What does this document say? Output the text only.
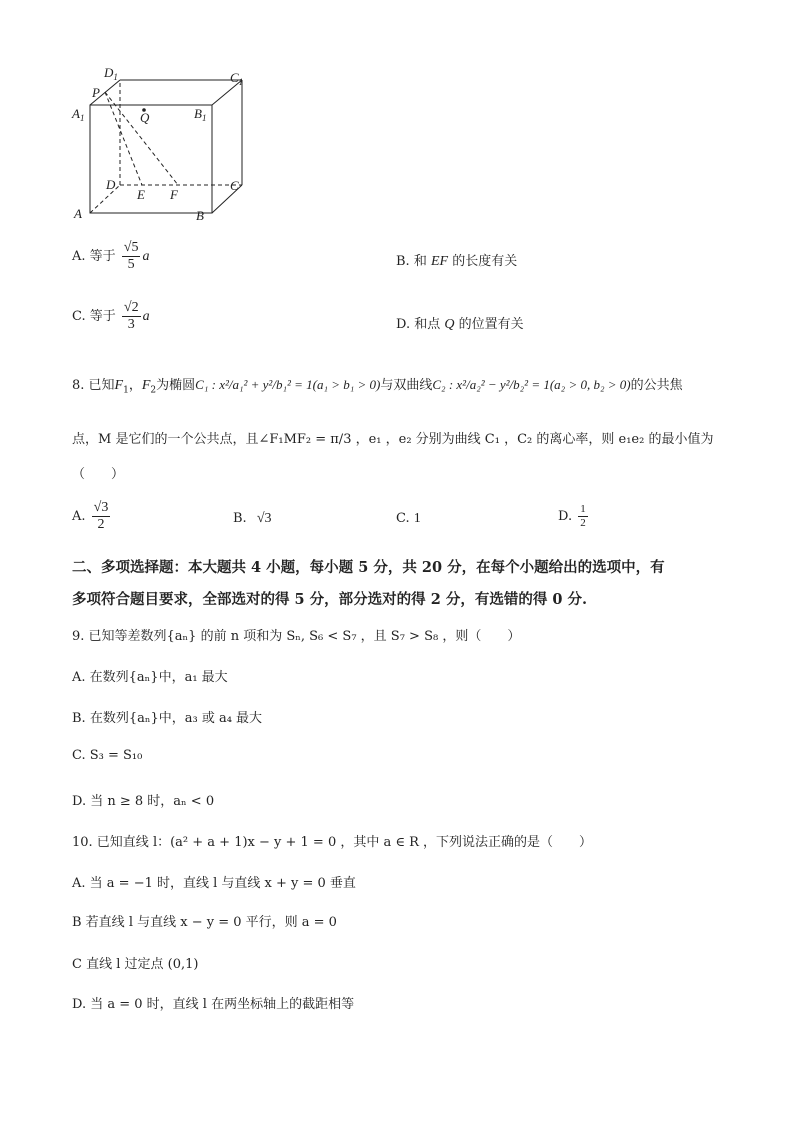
$D_1$	$C_1$
P
$A_1$	Q	$B_1$
D	C
E F
A	B
A. 等于 $\frac{√5}{5}$ a	B. 和 EF 的长度有关
C. 等于 $\frac{√2}{3}$ a
D. 和点 Q 的位置有关
8. 已知$F_1$，$F_2$为椭圆C₁ : x²/a₁² + y²/b₁² = 1(a₁ > b₁ > 0)与双曲线C₂ : x²/a₂² − y²/b₂² = 1(a₂ > 0, b₂ > 0)的公共焦
点，M 是它们的一个公共点，且∠F₁MF₂ = π/3 ，e₁ ，e₂ 分别为曲线 C₁ ，C₂ 的离心率，则 e₁e₂ 的最小值为
（　　）
A. $\frac{√3}{2}$	B. √3	C. 1	D. $\frac{1}{2}$
二、多项选择题：本大题共 4 小题，每小题 5 分，共 20 分，在每个小题给出的选项中，有
多项符合题目要求，全部选对的得 5 分，部分选对的得 2 分，有选错的得 0 分.
9. 已知等差数列{aₙ} 的前 n 项和为 Sₙ, S₆ < S₇ ，且 S₇ > S₈ ，则（　　）
A. 在数列{aₙ}中，a₁ 最大
B. 在数列{aₙ}中，a₃ 或 a₄ 最大
C. S₃ = S₁₀
D. 当 n ≥ 8 时，aₙ < 0
10. 已知直线 l：(a² + a + 1)x − y + 1 = 0 ，其中 a ∈ R ，下列说法正确的是（　　）
A. 当 a = −1 时，直线 l 与直线 x + y = 0 垂直
B 若直线 l 与直线 x − y = 0 平行，则 a = 0
C 直线 l 过定点 (0,1)
D. 当 a = 0 时，直线 l 在两坐标轴上的截距相等
